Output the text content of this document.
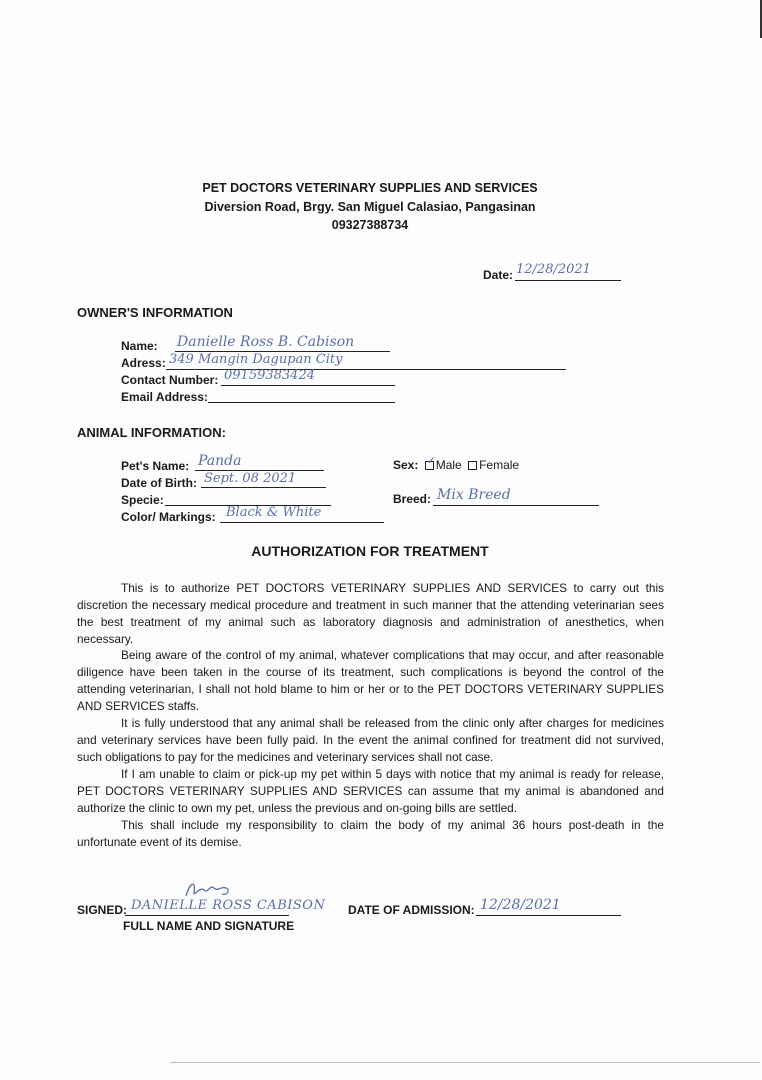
PET DOCTORS VETERINARY SUPPLIES AND SERVICES
Diversion Road, Brgy. San Miguel Calasiao, Pangasinan
09327388734
Date: 12/28/2021
OWNER'S INFORMATION
Name: Danielle Ross B. Cabison
Adress: 349 Mangin Dagupan City
Contact Number: 09159383424
Email Address:
ANIMAL INFORMATION:
Pet's Name: Panda
Date of Birth: Sept. 08 2021
Specie:
Color/ Markings: Black & White
Sex: ✓ Male Female
Breed: Mix Breed
AUTHORIZATION FOR TREATMENT
This is to authorize PET DOCTORS VETERINARY SUPPLIES AND SERVICES to carry out this discretion the necessary medical procedure and treatment in such manner that the attending veterinarian sees the best treatment of my animal such as laboratory diagnosis and administration of anesthetics, when necessary.
Being aware of the control of my animal, whatever complications that may occur, and after reasonable diligence have been taken in the course of its treatment, such complications is beyond the control of the attending veterinarian, I shall not hold blame to him or her or to the PET DOCTORS VETERINARY SUPPLIES AND SERVICES staffs.
It is fully understood that any animal shall be released from the clinic only after charges for medicines and veterinary services have been fully paid. In the event the animal confined for treatment did not survived, such obligations to pay for the medicines and veterinary services shall not case.
If I am unable to claim or pick-up my pet within 5 days with notice that my animal is ready for release, PET DOCTORS VETERINARY SUPPLIES AND SERVICES can assume that my animal is abandoned and authorize the clinic to own my pet, unless the previous and on-going bills are settled.
This shall include my responsibility to claim the body of my animal 36 hours post-death in the unfortunate event of its demise.
SIGNED: DANIELLE ROSS CABISON
FULL NAME AND SIGNATURE
DATE OF ADMISSION: 12/28/2021
